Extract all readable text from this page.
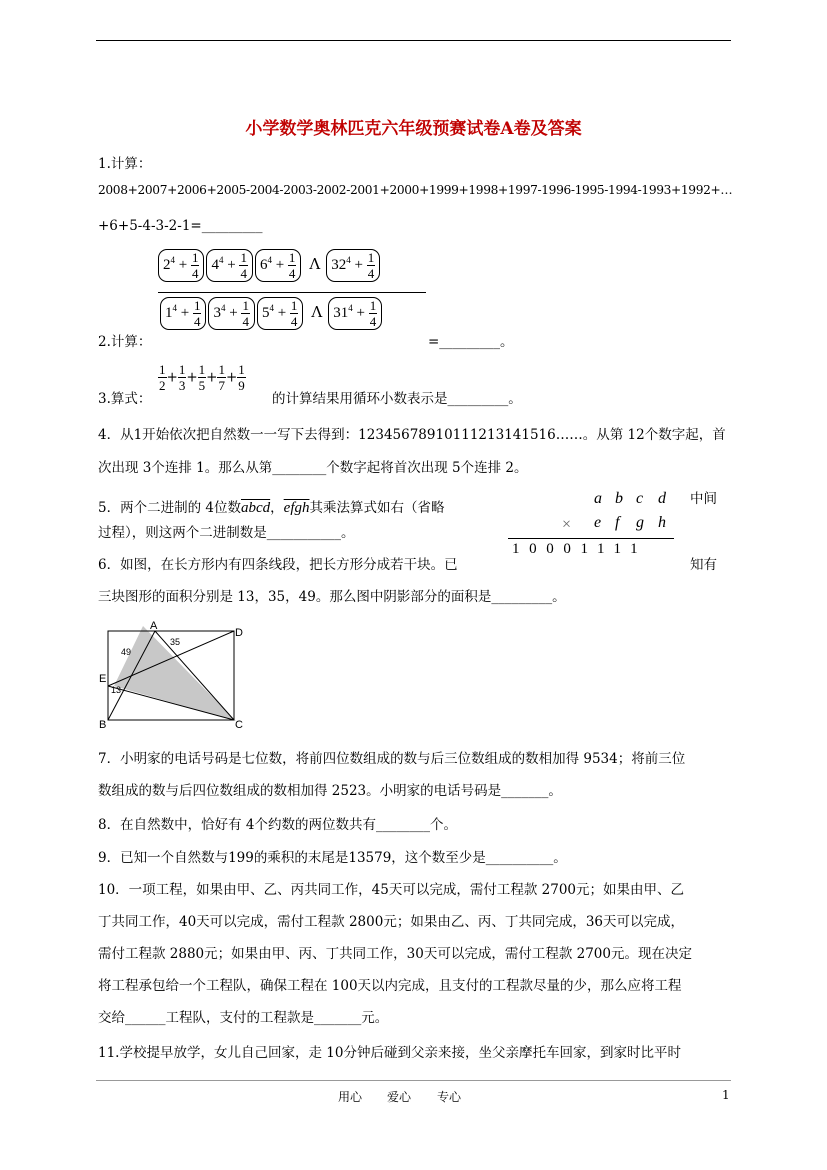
小学数学奥林匹克六年级预赛试卷A卷及答案
1.计算：
2008+2007+2006+2005-2004-2003-2002-2001+2000+1999+1998+1997-1996-1995-1994-1993+1992+…
+6+5-4-3-2-1=_________
$2^4 + \frac{1}{4} 4^4 + \frac{1}{4} 6^4 + \frac{1}{4}$ Λ $32^4 + \frac{1}{4}$
$1^4 + \frac{1}{4} 3^4 + \frac{1}{4} 5^4 + \frac{1}{4}$ Λ $31^4 + \frac{1}{4}$
2.计算：	=_________。
3.算式：
$\frac{1}{2} + \frac{1}{3} + \frac{1}{5} + \frac{1}{7} + \frac{1}{9}$
的计算结果用循环小数表示是_________。
4．从1开始依次把自然数一一写下去得到：12345678910111213141516……。从第 12个数字起，首
次出现 3个连排 1。那么从第________个数字起将首次出现 5个连排 2。
5．两个二进制的 4位数abcd，efgh其乘法算式如右（省略
过程），则这两个二进制数是___________。
a b c d
× e f g h
10001111
中间
知有
6．如图，在长方形内有四条线段，把长方形分成若干块。已
三块图形的面积分别是 13，35，49。那么图中阴影部分的面积是_________。
A
D
E
B	C
49
35
13
7．小明家的电话号码是七位数，将前四位数组成的数与后三位数组成的数相加得 9534；将前三位
数组成的数与后四位数组成的数相加得 2523。小明家的电话号码是_______。
8．在自然数中，恰好有 4个约数的两位数共有________个。
9．已知一个自然数与199的乘积的末尾是13579，这个数至少是__________。
10．一项工程，如果由甲、乙、丙共同工作，45天可以完成，需付工程款 2700元；如果由甲、乙
丁共同工作，40天可以完成，需付工程款 2800元；如果由乙、丙、丁共同完成，36天可以完成，
需付工程款 2880元；如果由甲、丙、丁共同工作，30天可以完成，需付工程款 2700元。现在决定
将工程承包给一个工程队，确保工程在 100天以内完成，且支付的工程款尽量的少，那么应将工程
交给______工程队，支付的工程款是_______元。
11.学校提早放学，女儿自己回家，走 10分钟后碰到父亲来接，坐父亲摩托车回家，到家时比平时
用心 爱心 专心	1
